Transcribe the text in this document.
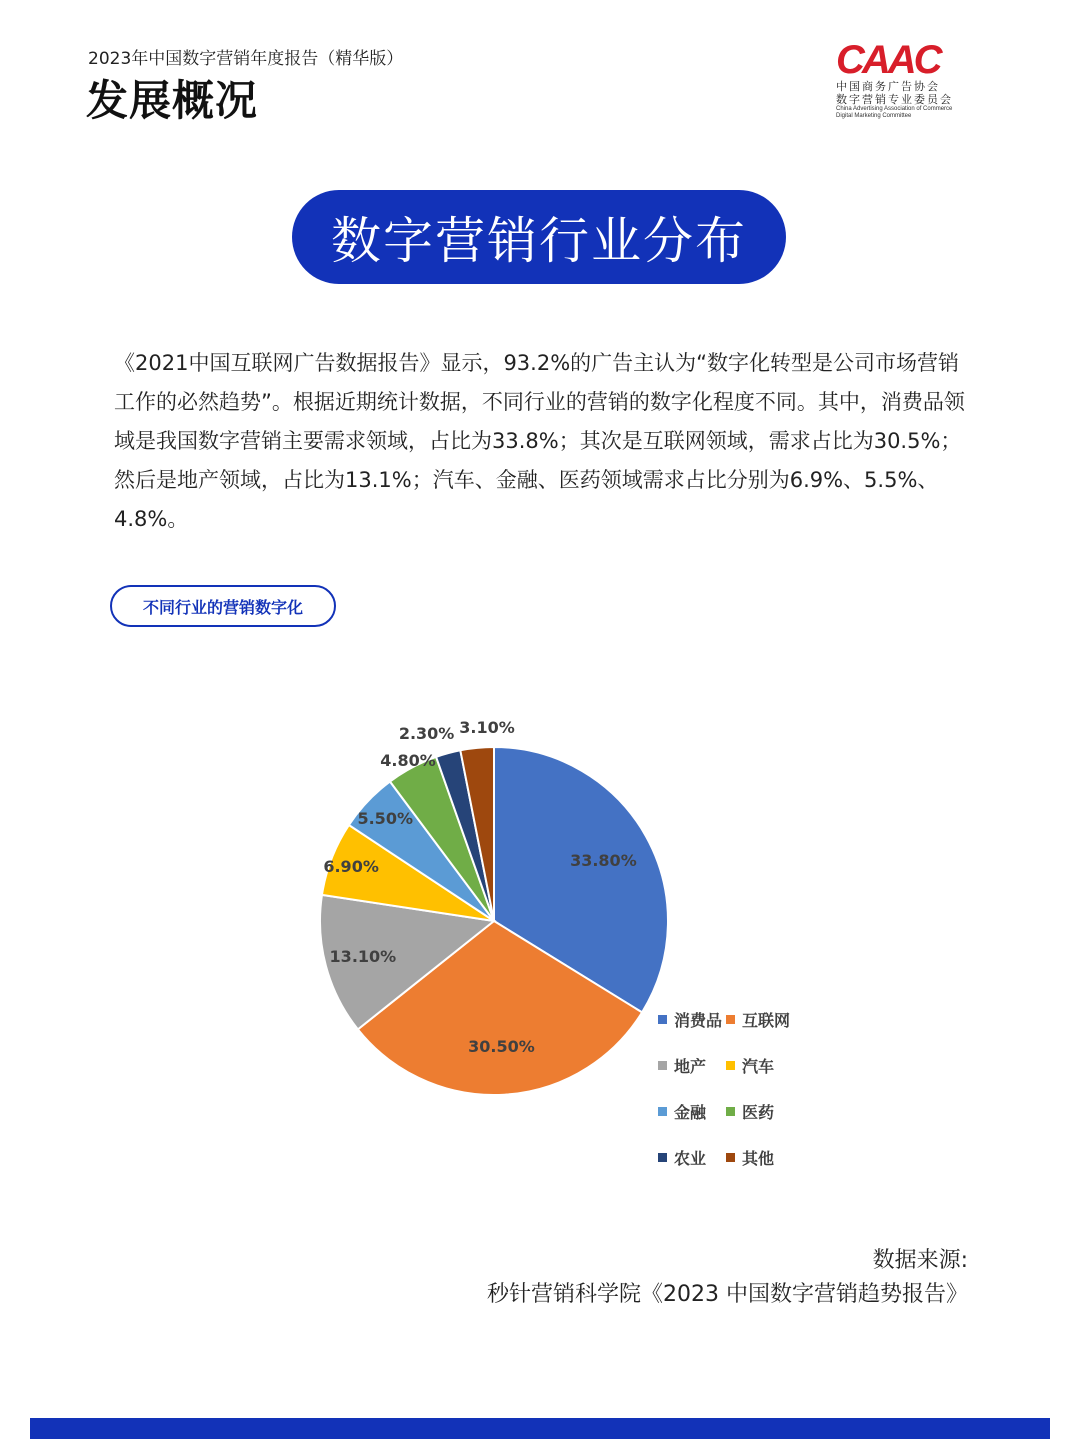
2023年中国数字营销年度报告（精华版）
发展概况
CAAC
中国商务广告协会
数字营销专业委员会
China Advertising Association of Commerce
Digital Marketing Committee
数字营销行业分布
《2021中国互联网广告数据报告》显示，93.2%的广告主认为“数字化转型是公司市场营销工作的必然趋势”。根据近期统计数据，不同行业的营销的数字化程度不同。其中，消费品领域是我国数字营销主要需求领域，占比为33.8%；其次是互联网领域，需求占比为30.5%；然后是地产领域，占比为13.1%；汽车、金融、医药领域需求占比分别为6.9%、5.5%、4.8%。
不同行业的营销数字化
33.80%
30.50%
13.10%
6.90%
5.50%
4.80%
2.30% 3.10%
消费品 互联网
地产 汽车
金融 医药
农业 其他
数据来源:
秒针营销科学院《2023 中国数字营销趋势报告》
